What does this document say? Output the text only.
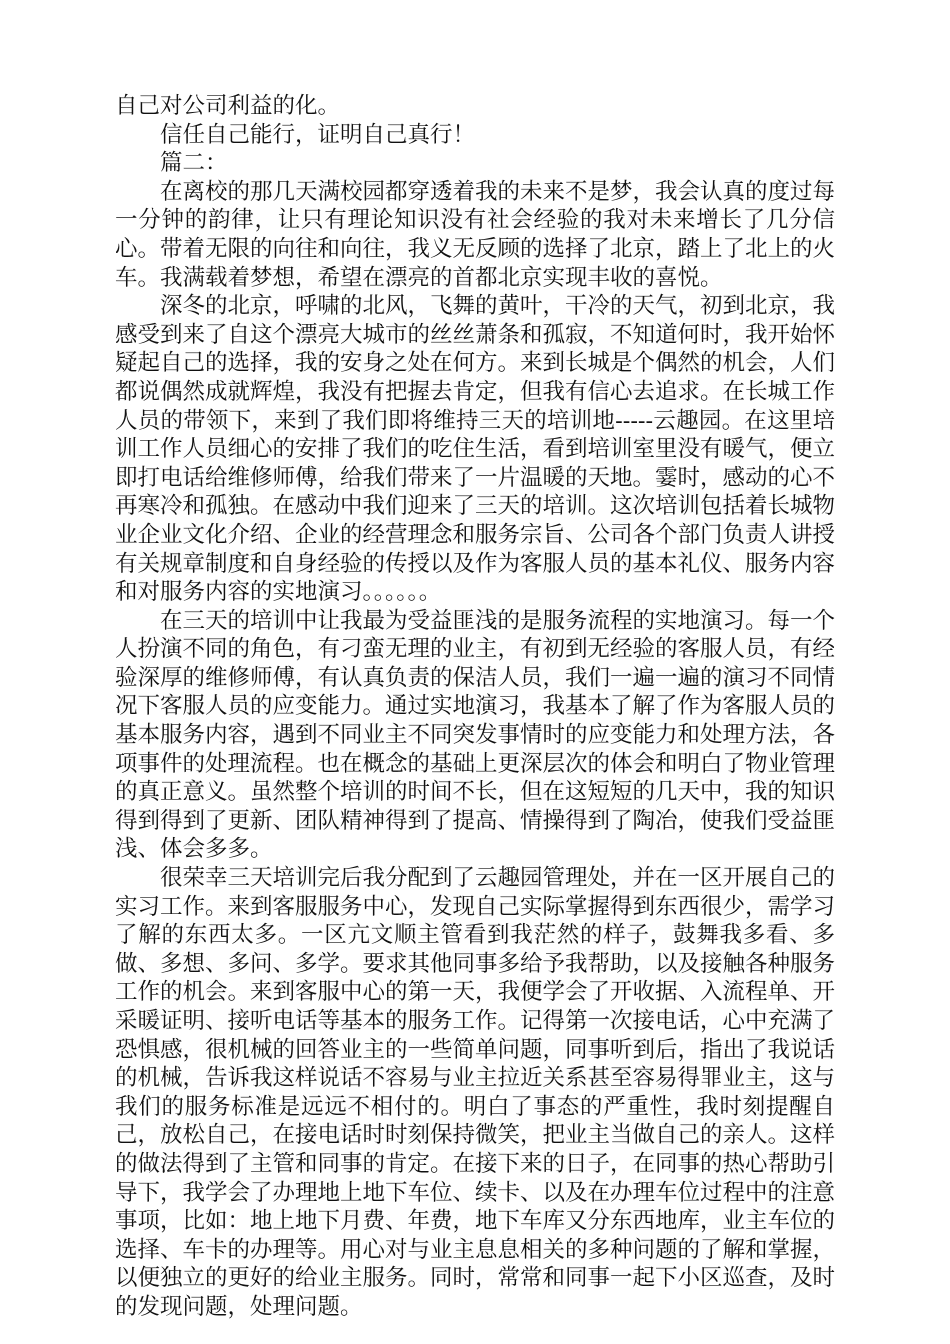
自己对公司利益的化。

信任自己能行，证明自己真行！

篇二：

在离校的那几天满校园都穿透着我的未来不是梦，我会认真的度过每一分钟的韵律，让只有理论知识没有社会经验的我对未来增长了几分信心。带着无限的向往和向往，我义无反顾的选择了北京，踏上了北上的火车。我满载着梦想，希望在漂亮的首都北京实现丰收的喜悦。

深冬的北京，呼啸的北风，飞舞的黄叶，干冷的天气，初到北京，我感受到来了自这个漂亮大城市的丝丝萧条和孤寂，不知道何时，我开始怀疑起自己的选择，我的安身之处在何方。来到长城是个偶然的机会，人们都说偶然成就辉煌，我没有把握去肯定，但我有信心去追求。在长城工作人员的带领下，来到了我们即将维持三天的培训地-----云趣园。在这里培训工作人员细心的安排了我们的吃住生活，看到培训室里没有暖气，便立即打电话给维修师傅，给我们带来了一片温暖的天地。霎时，感动的心不再寒冷和孤独。在感动中我们迎来了三天的培训。这次培训包括着长城物业企业文化介绍、企业的经营理念和服务宗旨、公司各个部门负责人讲授有关规章制度和自身经验的传授以及作为客服人员的基本礼仪、服务内容和对服务内容的实地演习。。。。。。

在三天的培训中让我最为受益匪浅的是服务流程的实地演习。每一个人扮演不同的角色，有刁蛮无理的业主，有初到无经验的客服人员，有经验深厚的维修师傅，有认真负责的保洁人员，我们一遍一遍的演习不同情况下客服人员的应变能力。通过实地演习，我基本了解了作为客服人员的基本服务内容，遇到不同业主不同突发事情时的应变能力和处理方法，各项事件的处理流程。也在概念的基础上更深层次的体会和明白了物业管理的真正意义。虽然整个培训的时间不长，但在这短短的几天中，我的知识得到得到了更新、团队精神得到了提高、情操得到了陶冶，使我们受益匪浅、体会多多。

很荣幸三天培训完后我分配到了云趣园管理处，并在一区开展自己的实习工作。来到客服服务中心，发现自己实际掌握得到东西很少，需学习了解的东西太多。一区亢文顺主管看到我茫然的样子，鼓舞我多看、多做、多想、多问、多学。要求其他同事多给予我帮助，以及接触各种服务工作的机会。来到客服中心的第一天，我便学会了开收据、入流程单、开采暖证明、接听电话等基本的服务工作。记得第一次接电话，心中充满了恐惧感，很机械的回答业主的一些简单问题，同事听到后，指出了我说话的机械，告诉我这样说话不容易与业主拉近关系甚至容易得罪业主，这与我们的服务标准是远远不相付的。明白了事态的严重性，我时刻提醒自己，放松自己，在接电话时时刻保持微笑，把业主当做自己的亲人。这样的做法得到了主管和同事的肯定。在接下来的日子，在同事的热心帮助引导下，我学会了办理地上地下车位、续卡、以及在办理车位过程中的注意事项，比如：地上地下月费、年费，地下车库又分东西地库，业主车位的选择、车卡的办理等。用心对与业主息息相关的多种问题的了解和掌握，以便独立的更好的给业主服务。同时，常常和同事一起下小区巡查，及时的发现问题，处理问题。
